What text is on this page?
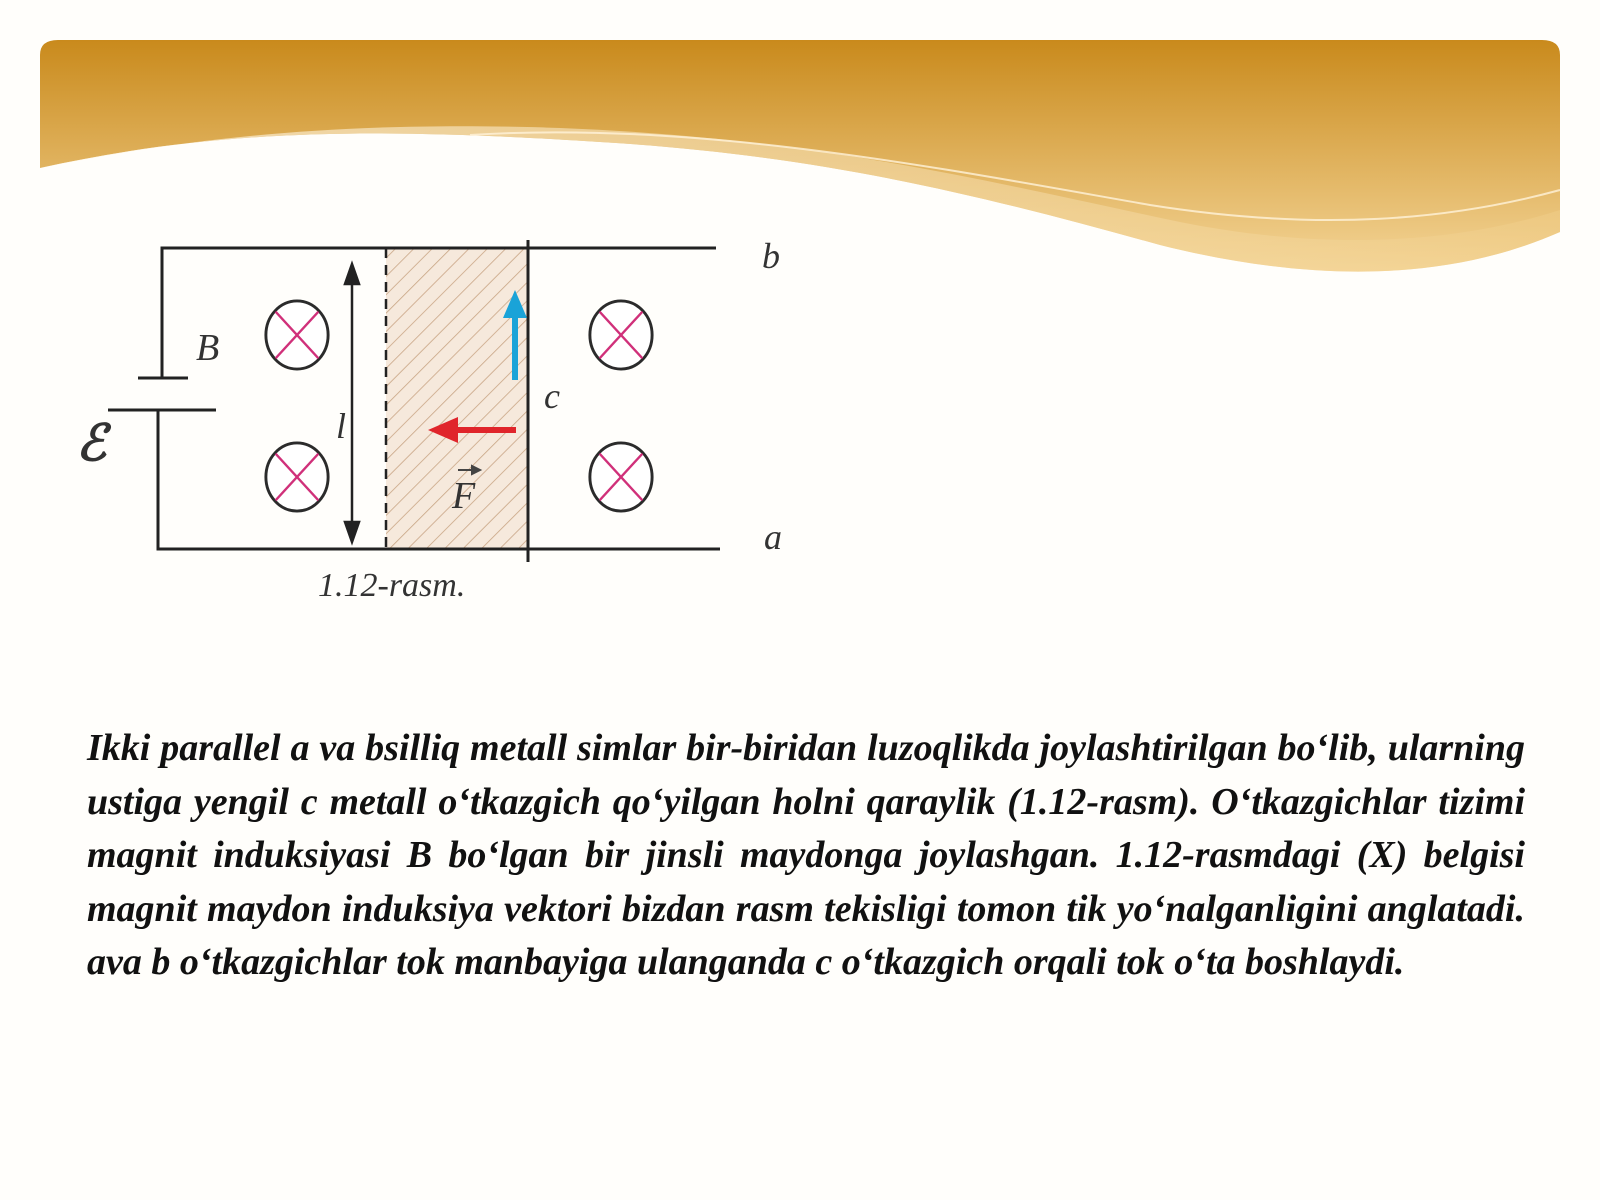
b
a
B
ℰ	l
c
F
1.12-rasm.

Ikki parallel a va bsilliq metall simlar bir-biridan luzoqlikda joylashtirilgan bo‘lib, ularning ustiga yengil c metall o‘tkazgich qo‘yilgan holni qaraylik (1.12-rasm). O‘tkazgichlar tizimi magnit induksiyasi B bo‘lgan bir jinsli maydonga joylashgan. 1.12-rasmdagi (X) belgisi magnit maydon induksiya vektori bizdan rasm tekisligi tomon tik yo‘nalganligini anglatadi. ava b o‘tkazgichlar tok manbayiga ulanganda c o‘tkazgich orqali tok o‘ta boshlaydi.
